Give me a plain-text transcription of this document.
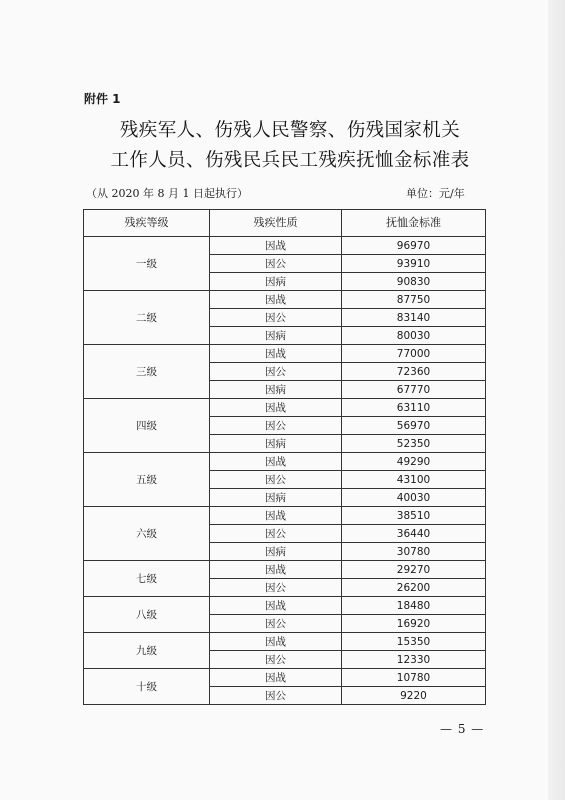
附件 1
残疾军人、伤残人民警察、伤残国家机关
工作人员、伤残民兵民工残疾抚恤金标准表
（从 2020 年 8 月 1 日起执行）	单位：元/年
残疾等级	残疾性质	抚恤金标准
一级	因战	96970
	因公	93910
	因病	90830
二级	因战	87750
	因公	83140
	因病	80030
三级	因战	77000
	因公	72360
	因病	67770
四级	因战	63110
	因公	56970
	因病	52350
五级	因战	49290
	因公	43100
	因病	40030
六级	因战	38510
	因公	36440
	因病	30780
七级	因战	29270
	因公	26200
八级	因战	18480
	因公	16920
九级	因战	15350
	因公	12330
十级	因战	10780
	因公	9220
— 5 —
